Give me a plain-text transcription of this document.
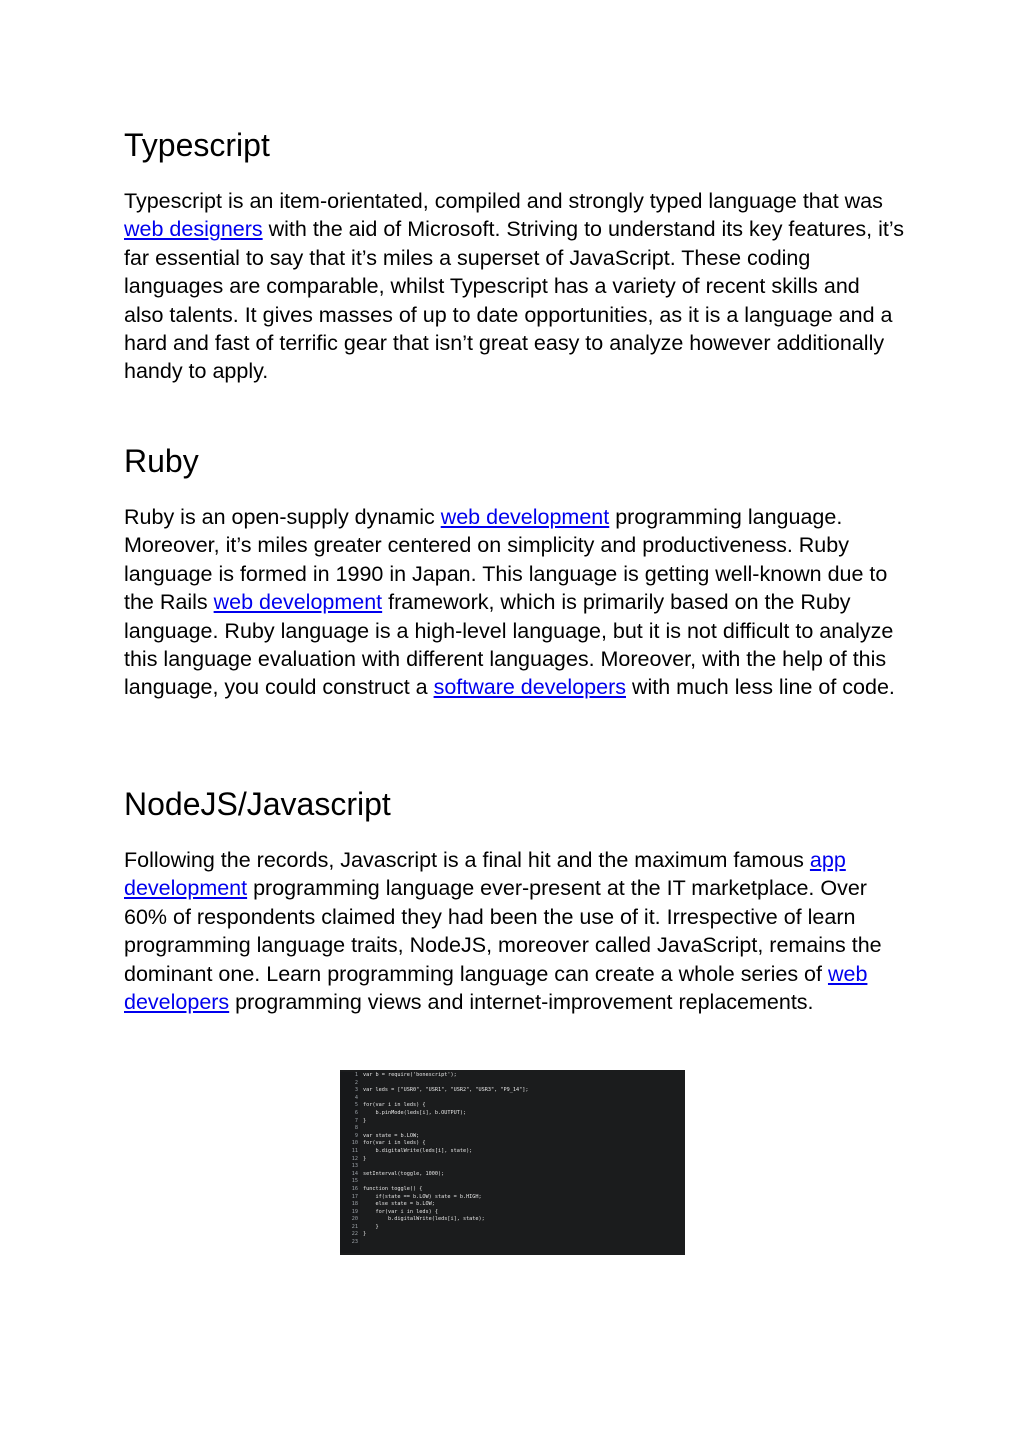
Typescript

Typescript is an item-orientated, compiled and strongly typed language that was web designers with the aid of Microsoft. Striving to understand its key features, it’s far essential to say that it’s miles a superset of JavaScript. These coding languages are comparable, whilst Typescript has a variety of recent skills and also talents. It gives masses of up to date opportunities, as it is a language and a hard and fast of terrific gear that isn’t great easy to analyze however additionally handy to apply.

Ruby

Ruby is an open-supply dynamic web development programming language. Moreover, it’s miles greater centered on simplicity and productiveness. Ruby language is formed in 1990 in Japan. This language is getting well-known due to the Rails web development framework, which is primarily based on the Ruby language. Ruby language is a high-level language, but it is not difficult to analyze this language evaluation with different languages. Moreover, with the help of this language, you could construct a software developers with much less line of code.

NodeJS/Javascript

Following the records, Javascript is a final hit and the maximum famous app development programming language ever-present at the IT marketplace. Over 60% of respondents claimed they had been the use of it. Irrespective of learn programming language traits, NodeJS, moreover called JavaScript, remains the dominant one. Learn programming language can create a whole series of web developers programming views and internet-improvement replacements.

1
2
3
4
5
6
7
8
9
10
11
12
13
14
15
16
17
18
19
20
21
22
23
var b = require('bonescript');

var leds = ["USR0", "USR1", "USR2", "USR3", "P9_14"];

for(var i in leds) {
b.pinMode(leds[i], b.OUTPUT);
}

var state = b.LOW;
for(var i in leds) {
b.digitalWrite(leds[i], state);
}

setInterval(toggle, 1000);

function toggle() {
if(state == b.LOW) state = b.HIGH;
else state = b.LOW;
for(var i in leds) {
b.digitalWrite(leds[i], state);
}
}
